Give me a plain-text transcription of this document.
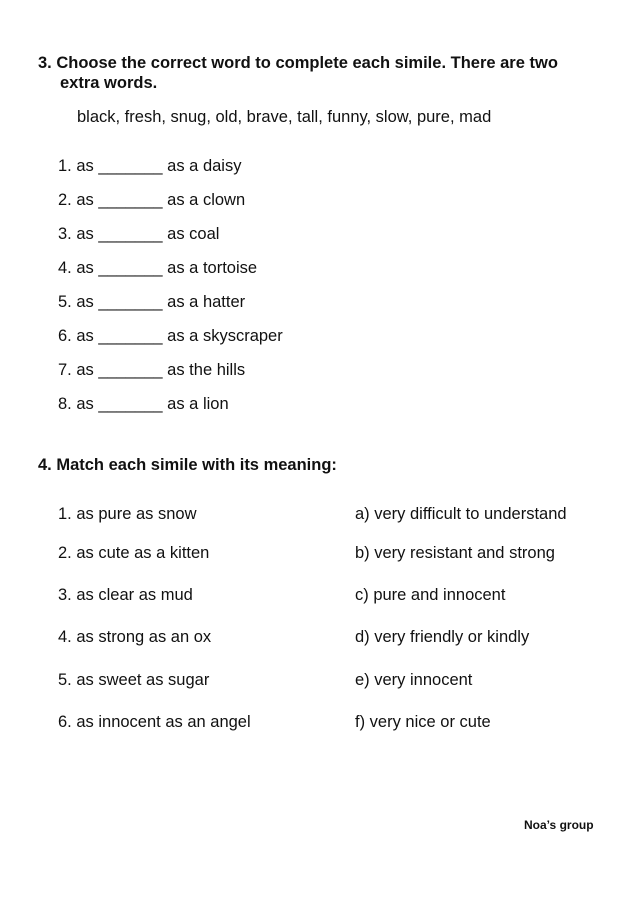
3. Choose the correct word to complete each simile. There are two
extra words.
black, fresh, snug, old, brave, tall, funny, slow, pure, mad
1. as _______ as a daisy
2. as _______ as a clown
3. as _______ as coal
4. as _______ as a tortoise
5. as _______ as a hatter
6. as _______ as a skyscraper
7. as _______ as the hills
8. as _______ as a lion
4. Match each simile with its meaning:
1. as pure as snow
2. as cute as a kitten
3. as clear as mud
4. as strong as an ox
5. as sweet as sugar
6. as innocent as an angel
a) very difficult to understand
b) very resistant and strong
c) pure and innocent
d) very friendly or kindly
e) very innocent
f) very nice or cute
Noa’s group
